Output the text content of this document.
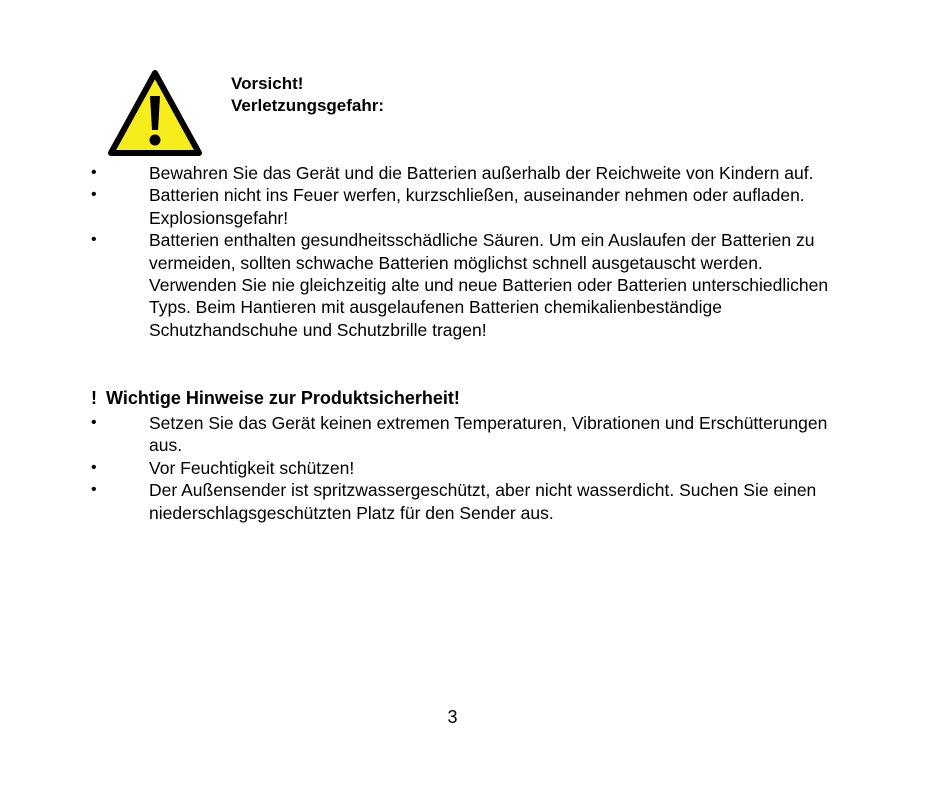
Vorsicht!
Verletzungsgefahr:
•	Bewahren Sie das Gerät und die Batterien außerhalb der Reichweite von Kindern auf.
•	Batterien nicht ins Feuer werfen, kurzschließen, auseinander nehmen oder aufladen. Explosionsgefahr!
•	Batterien enthalten gesundheitsschädliche Säuren. Um ein Auslaufen der Batterien zu vermeiden, sollten schwache Batterien möglichst schnell ausgetauscht werden. Verwenden Sie nie gleichzeitig alte und neue Batterien oder Batterien unterschiedlichen Typs. Beim Hantieren mit ausgelaufenen Batterien chemikalienbeständige Schutzhandschuhe und Schutzbrille tragen!
! Wichtige Hinweise zur Produktsicherheit!
•	Setzen Sie das Gerät keinen extremen Temperaturen, Vibrationen und Erschütterungen aus.
•	Vor Feuchtigkeit schützen!
•	Der Außensender ist spritzwassergeschützt, aber nicht wasserdicht. Suchen Sie einen niederschlagsgeschützten Platz für den Sender aus.
3
